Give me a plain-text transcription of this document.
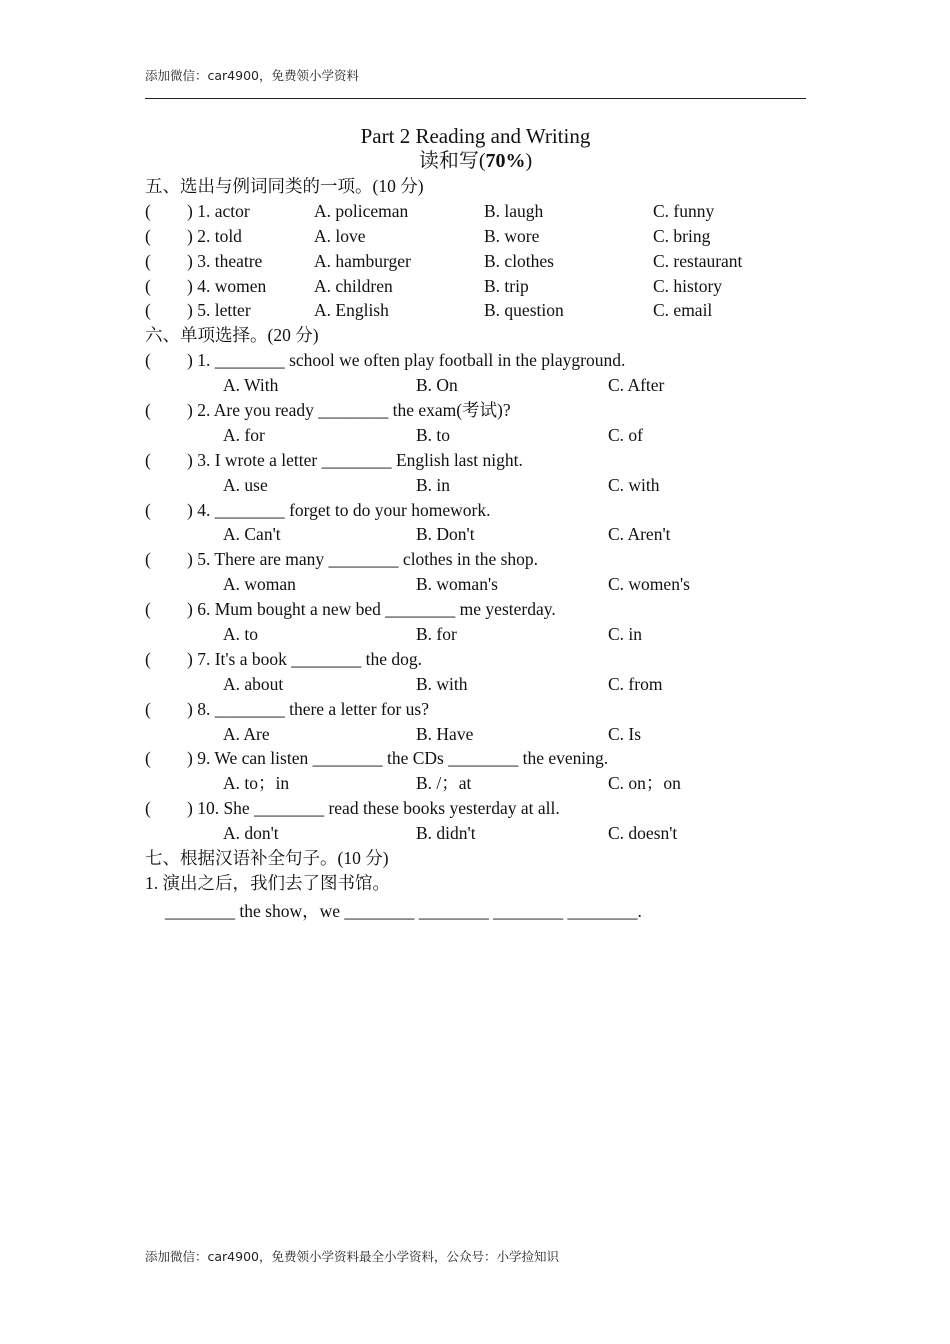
添加微信：car4900，免费领小学资料
Part 2 Reading and Writing
读和写(70%)
五、选出与例词同类的一项。(10 分)
( ) 1. actor	A. policeman	B. laugh	C. funny
( ) 2. told	A. love	B. wore	C. bring
( ) 3. theatre	A. hamburger	B. clothes	C. restaurant
( ) 4. women	A. children	B. trip	C. history
( ) 5. letter	A. English	B. question	C. email
六、单项选择。(20 分)
( ) 1. ________ school we often play football in the playground.
A. With	B. On	C. After
( ) 2. Are you ready ________ the exam(考试)?
A. for	B. to	C. of
( ) 3. I wrote a letter ________ English last night.
A. use	B. in	C. with
( ) 4. ________ forget to do your homework.
A. Can't	B. Don't	C. Aren't
( ) 5. There are many ________ clothes in the shop.
A. woman	B. woman's	C. women's
( ) 6. Mum bought a new bed ________ me yesterday.
A. to	B. for	C. in
( ) 7. It's a book ________ the dog.
A. about	B. with	C. from
( ) 8. ________ there a letter for us?
A. Are	B. Have	C. Is
( ) 9. We can listen ________ the CDs ________ the evening.
A. to；in	B. /；at	C. on；on
( ) 10. She ________ read these books yesterday at all.
A. don't	B. didn't	C. doesn't
七、根据汉语补全句子。(10 分)
1. 演出之后，我们去了图书馆。
________ the show，we ________ ________ ________ ________.
添加微信：car4900，免费领小学资料最全小学资料，公众号：小学捡知识
